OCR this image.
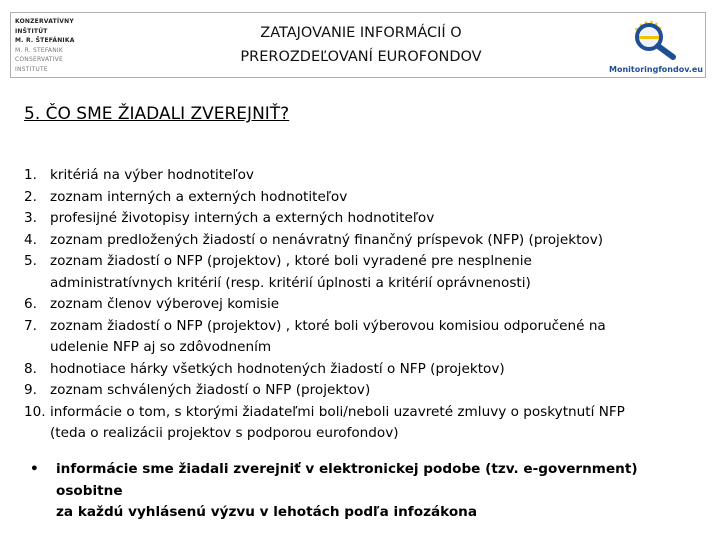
KONZERVATÍVNY
INŠTITÚT
M. R. ŠTEFÁNIKA
M. R. STEFANIK
CONSERVATIVE
INSTITUTE
ZATAJOVANIE INFORMÁCIÍ O
PREROZDEĽOVANÍ EUROFONDOV
Monitoringfondov.eu
5. ČO SME ŽIADALI ZVEREJNIŤ?
1. kritériá na výber hodnotiteľov
2. zoznam interných a externých hodnotiteľov
3. profesijné životopisy interných a externých hodnotiteľov
4. zoznam predložených žiadostí o nenávratný finančný príspevok (NFP) (projektov)
5. zoznam žiadostí o NFP (projektov) , ktoré boli vyradené pre nesplnenie
administratívnych kritérií (resp. kritérií úplnosti a kritérií oprávnenosti)
6. zoznam členov výberovej komisie
7. zoznam žiadostí o NFP (projektov) , ktoré boli výberovou komisiou odporučené na
udelenie NFP aj so zdôvodnením
8. hodnotiace hárky všetkých hodnotených žiadostí o NFP (projektov)
9. zoznam schválených žiadostí o NFP (projektov)
10. informácie o tom, s ktorými žiadateľmi boli/neboli uzavreté zmluvy o poskytnutí NFP
(teda o realizácii projektov s podporou eurofondov)
•	informácie sme žiadali zverejniť v elektronickej podobe (tzv. e-government) osobitne
za každú vyhlásenú výzvu v lehotách podľa infozákona
